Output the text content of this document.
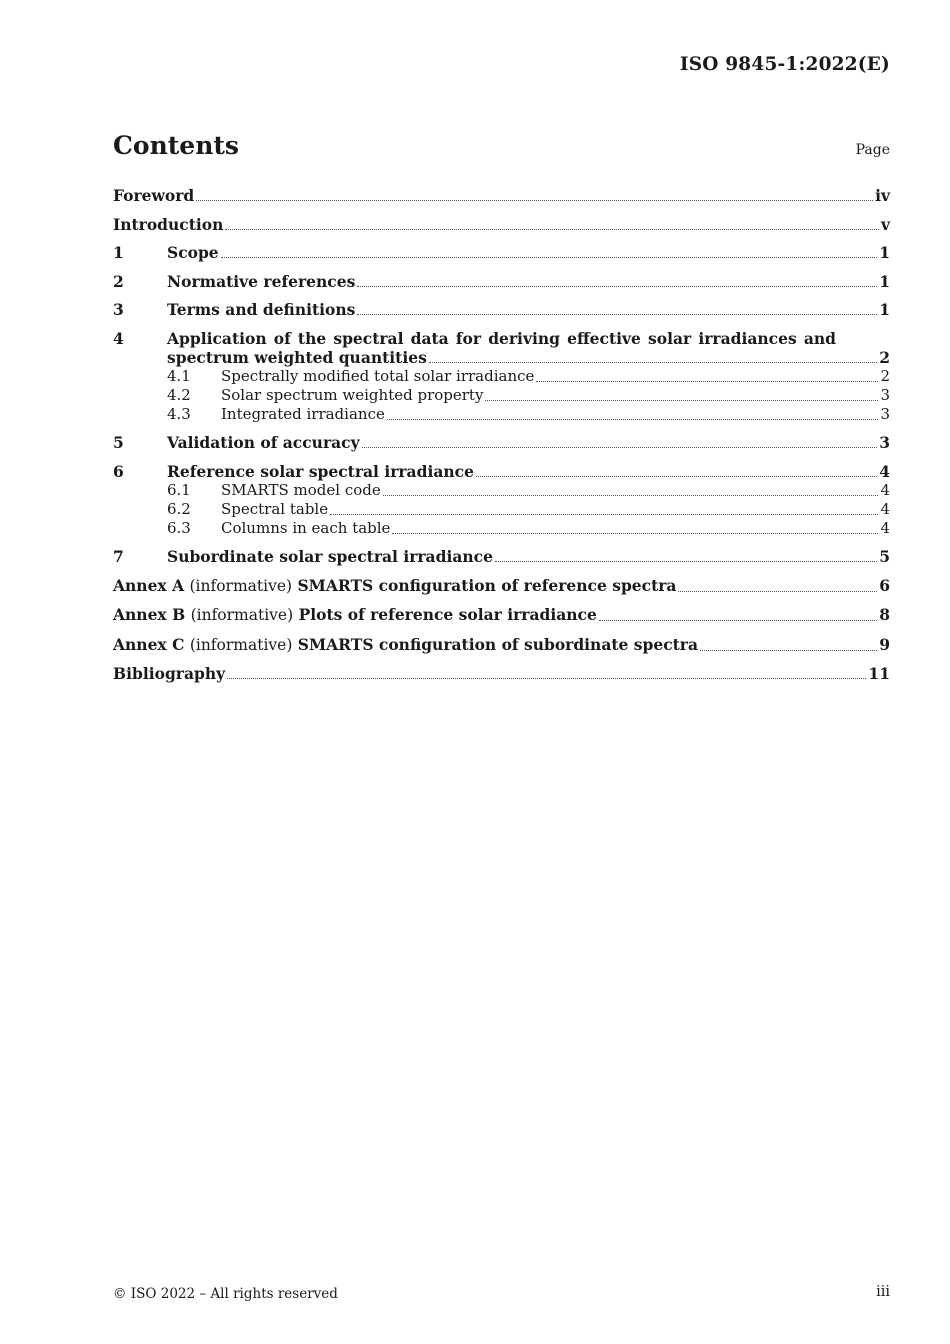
ISO 9845-1:2022(E)
Contents	Page
Foreword	iv
Introduction	v
1	Scope	1
2	Normative references	1
3	Terms and definitions	1
4	Application of the spectral data for deriving effective solar irradiances and
spectrum weighted quantities	2
4.1	Spectrally modified total solar irradiance	2
4.2	Solar spectrum weighted property	3
4.3	Integrated irradiance	3
5	Validation of accuracy	3
6	Reference solar spectral irradiance	4
6.1	SMARTS model code	4
6.2	Spectral table	4
6.3	Columns in each table	4
7	Subordinate solar spectral irradiance	5
Annex A (informative) SMARTS configuration of reference spectra	6
Annex B (informative) Plots of reference solar irradiance	8
Annex C (informative) SMARTS configuration of subordinate spectra	9
Bibliography	11
© ISO 2022 – All rights reserved	iii
